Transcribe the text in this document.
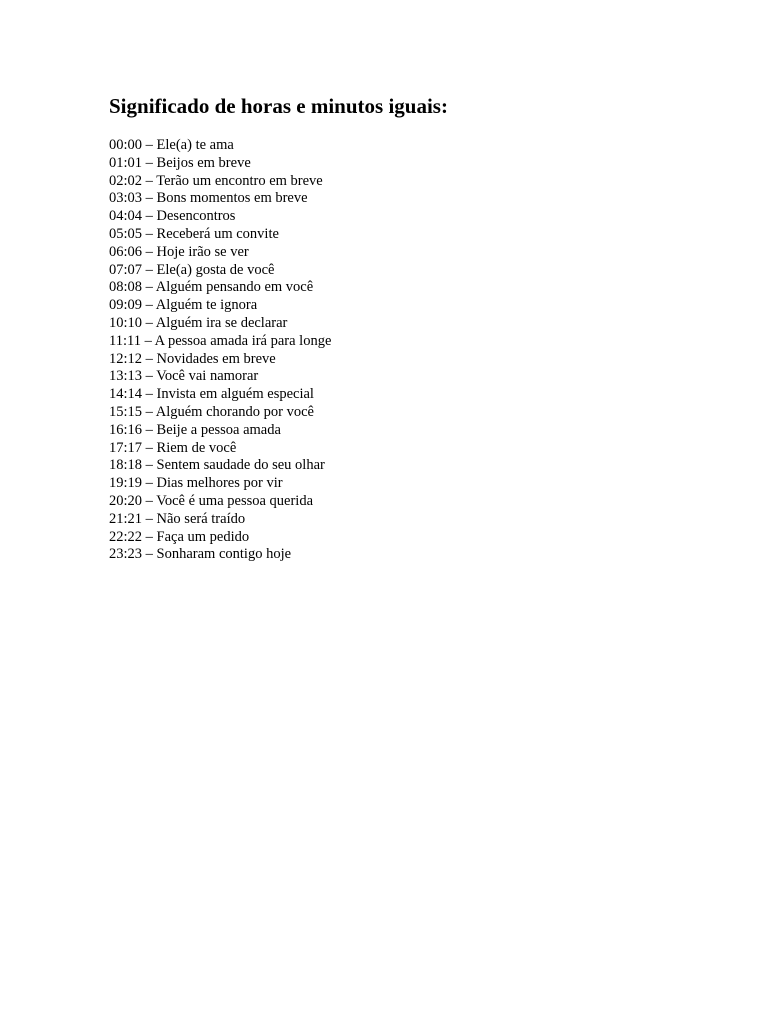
Significado de horas e minutos iguais:
00:00 – Ele(a) te ama
01:01 – Beijos em breve
02:02 – Terão um encontro em breve
03:03 – Bons momentos em breve
04:04 – Desencontros
05:05 – Receberá um convite
06:06 – Hoje irão se ver
07:07 – Ele(a) gosta de você
08:08 – Alguém pensando em você
09:09 – Alguém te ignora
10:10 – Alguém ira se declarar
11:11 – A pessoa amada irá para longe
12:12 – Novidades em breve
13:13 – Você vai namorar
14:14 – Invista em alguém especial
15:15 – Alguém chorando por você
16:16 – Beije a pessoa amada
17:17 – Riem de você
18:18 – Sentem saudade do seu olhar
19:19 – Dias melhores por vir
20:20 – Você é uma pessoa querida
21:21 – Não será traído
22:22 – Faça um pedido
23:23 – Sonharam contigo hoje
